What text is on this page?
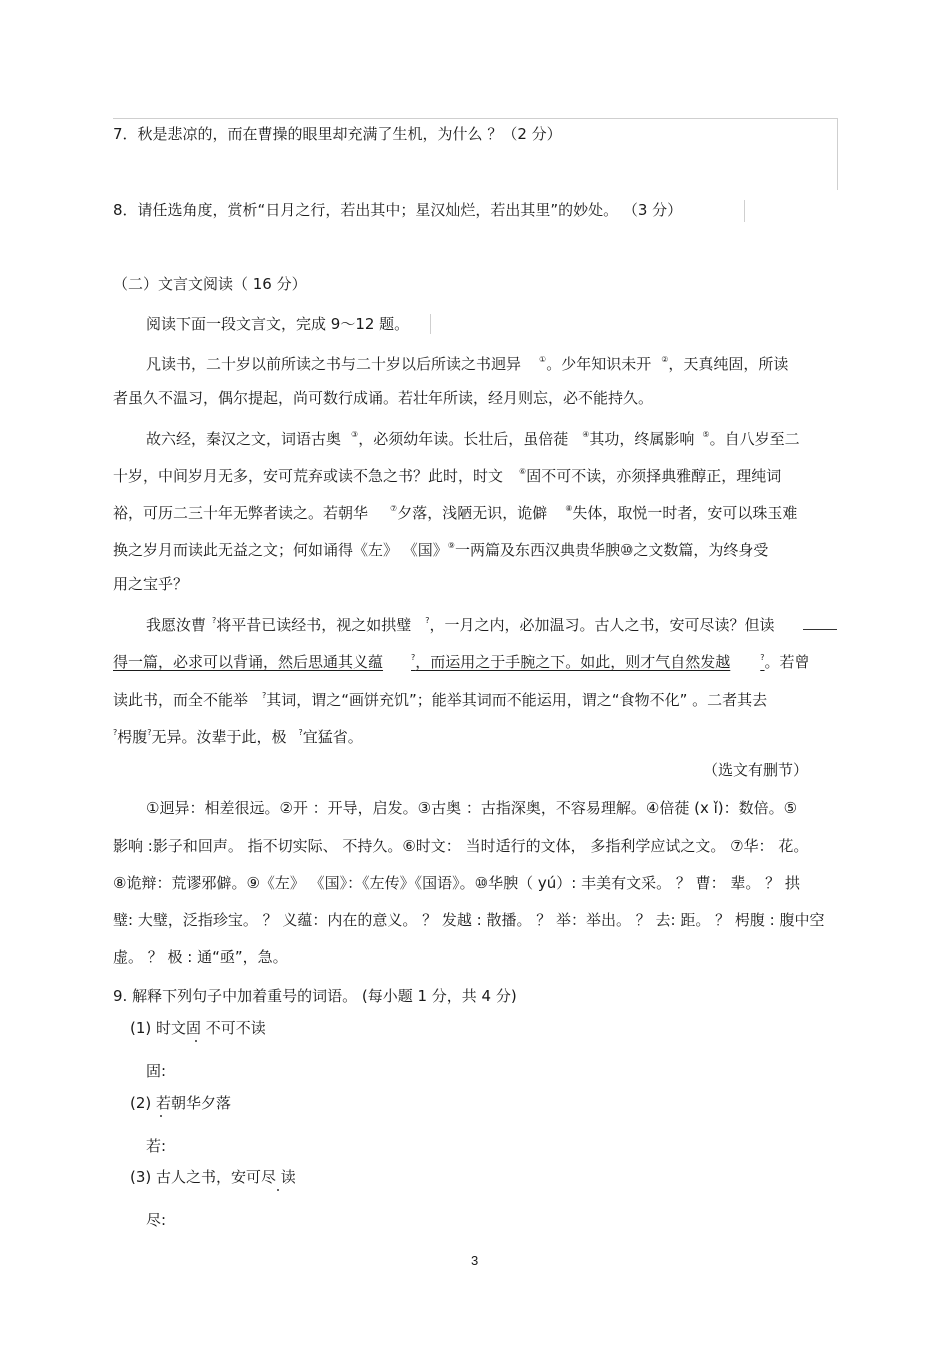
7．秋是悲凉的，而在曹操的眼里却充满了生机，为什么 ？（2 分）
8．请任选角度，赏析“日月之行，若出其中；星汉灿烂，若出其里”的妙处。 （3 分）
（二）文言文阅读（ 16 分）
阅读下面一段文言文，完成 9～12 题。
凡读书，二十岁以前所读之书与二十岁以后所读之书迥异 ①。少年知识未开 ②，天真纯固，所读
者虽久不温习，偶尔提起，尚可数行成诵。若壮年所读，经月则忘，必不能持久。
故六经，秦汉之文，词语古奥 ③，必须幼年读。长壮后，虽倍蓰 ④其功，终属影响 ⑤。自八岁至二
十岁，中间岁月无多，安可荒弃或读不急之书？此时，时文 ⑥固不可不读，亦须择典雅醇正，理纯词
裕，可历二三十年无弊者读之。若朝华	⑦夕落，浅陋无识，诡僻 ⑧失体，取悦一时者，安可以珠玉难
换之岁月而读此无益之文；何如诵得《左》 《国》⑨一两篇及东西汉典贵华腴⑩之文数篇，为终身受
用之宝乎？
我愿汝曹 ?将平昔已读经书，视之如拱璧 ?，一月之内，必加温习。古人之书，安可尽读？但读
得一篇，必求可以背诵，然后思通其义蕴	?，而运用之于手腕之下。如此，则才气自然发越	?。若曾
读此书，而全不能举 ?其词，谓之“画饼充饥”；能举其词而不能运用，谓之“食物不化” 。二者其去
?枵腹?无异。汝辈于此，极 ?宜猛省。
（选文有删节）
①迥异：相差很远。②开 ：开导，启发。③古奥 ：古指深奥，不容易理解。④倍蓰 (x ǐ)：数倍。⑤
影响 :影子和回声。 指不切实际、 不持久。⑥时文： 当时适行的文体， 多指利学应试之文。 ⑦华： 花。
⑧诡辩：荒谬邪僻。⑨《左》 《国》：《左传》《国语》。⑩华腴（ yú）: 丰美有文采。 ？ 曹： 辈。 ？ 拱
璧: 大璧，泛指珍宝。 ？ 义蕴：内在的意义。 ？ 发越 : 散播。 ？ 举：举出。 ？ 去: 距。 ？ 枵腹 : 腹中空
虚。 ？ 极 : 通“亟”，急。
9. 解释下列句子中加着重号的词语。 (每小题 1 分，共 4 分)
(1) 时文固 不可不读
固:
(2) 若朝华夕落
若:
(3) 古人之书，安可尽 读
尽:
3
